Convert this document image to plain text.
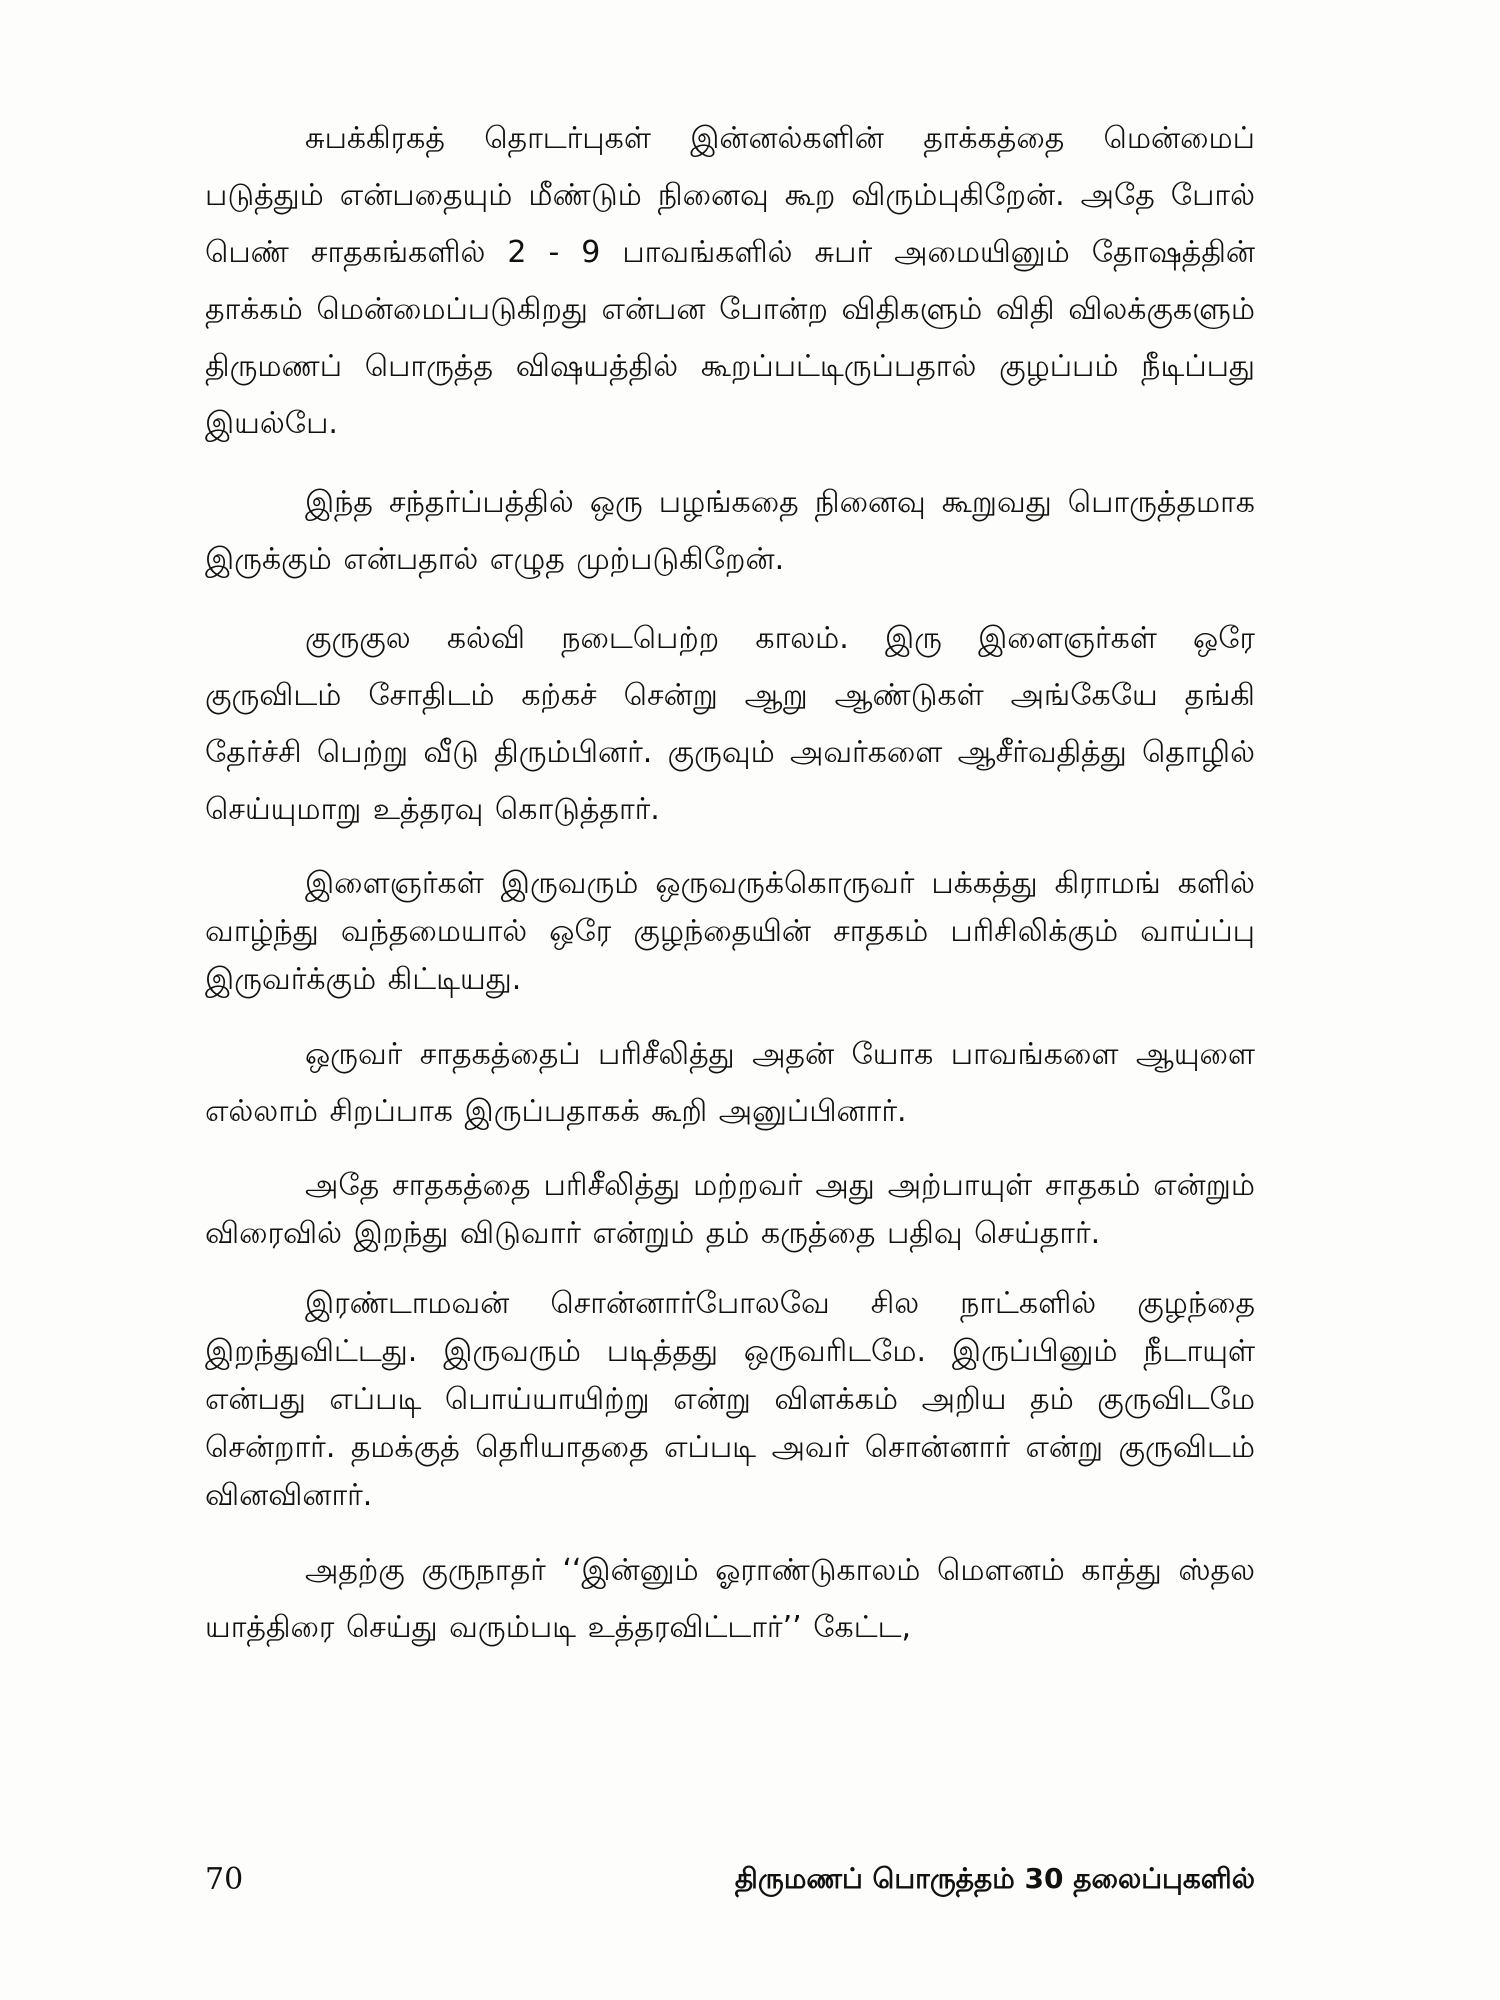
சுபக்கிரகத் தொடர்புகள் இன்னல்களின் தாக்கத்தை மென்மைப் படுத்தும் என்பதையும் மீண்டும் நினைவு கூற விரும்புகிறேன். அதே போல் பெண் சாதகங்களில் 2 - 9 பாவங்களில் சுபர் அமையினும் தோஷத்தின் தாக்கம் மென்மைப்படுகிறது என்பன போன்ற விதிகளும் விதி விலக்குகளும் திருமணப் பொருத்த விஷயத்தில் கூறப்பட்டிருப்பதால் குழப்பம் நீடிப்பது இயல்பே.

இந்த சந்தர்ப்பத்தில் ஒரு பழங்கதை நினைவு கூறுவது பொருத்தமாக இருக்கும் என்பதால் எழுத முற்படுகிறேன்.

குருகுல கல்வி நடைபெற்ற காலம். இரு இளைஞர்கள் ஒரே குருவிடம் சோதிடம் கற்கச் சென்று ஆறு ஆண்டுகள் அங்கேயே தங்கி தேர்ச்சி பெற்று வீடு திரும்பினர். குருவும் அவர்களை ஆசீர்வதித்து தொழில் செய்யுமாறு உத்தரவு கொடுத்தார்.

இளைஞர்கள் இருவரும் ஒருவருக்கொருவர் பக்கத்து கிராமங் களில் வாழ்ந்து வந்தமையால் ஒரே குழந்தையின் சாதகம் பரிசிலிக்கும் வாய்ப்பு இருவர்க்கும் கிட்டியது.

ஒருவர் சாதகத்தைப் பரிசீலித்து அதன் யோக பாவங்களை ஆயுளை எல்லாம் சிறப்பாக இருப்பதாகக் கூறி அனுப்பினார்.

அதே சாதகத்தை பரிசீலித்து மற்றவர் அது அற்பாயுள் சாதகம் என்றும் விரைவில் இறந்து விடுவார் என்றும் தம் கருத்தை பதிவு செய்தார்.

இரண்டாமவன் சொன்னார்போலவே சில நாட்களில் குழந்தை இறந்துவிட்டது. இருவரும் படித்தது ஒருவரிடமே. இருப்பினும் நீடாயுள் என்பது எப்படி பொய்யாயிற்று என்று விளக்கம் அறிய தம் குருவிடமே சென்றார். தமக்குத் தெரியாததை எப்படி அவர் சொன்னார் என்று குருவிடம் வினவினார்.

அதற்கு குருநாதர் ‘‘இன்னும் ஓராண்டுகாலம் மௌனம் காத்து ஸ்தல யாத்திரை செய்து வரும்படி உத்தரவிட்டார்’’ கேட்ட,

70	திருமணப் பொருத்தம் 30 தலைப்புகளில்
